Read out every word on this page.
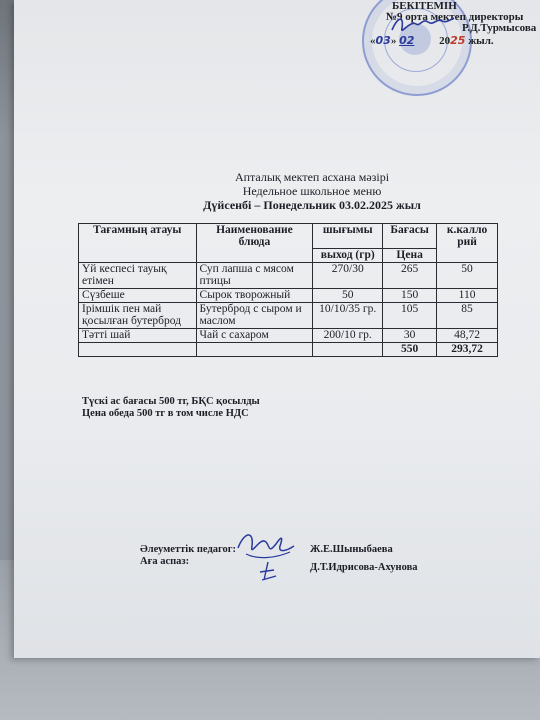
БЕКІТЕМІН
№9 орта мектеп директоры
Р.Д.Турмысова
«03» 02 2025 жыл.
Апталық мектеп асхана мәзірі
Недельное школьное меню
Дүйсенбі – Понедельник 03.02.2025 жыл
Тағамның атауы	Наименование блюда	шығымы	Бағасы	к.калло рий
		выход (гр)	Цена	
Үй кеспесі тауық етімен	Суп лапша с мясом птицы	270/30	265	50
Сүзбеше	Сырок творожный	50	150	110
Ірімшік пен май қосылған бутерброд	Бутерброд с сыром и маслом	10/10/35 гр.	105	85
Тәтті шай	Чай с сахаром	200/10 гр.	30	48,72
			550	293,72
Түскі ас бағасы 500 тг, БҚС қосылды
Цена обеда 500 тг в том числе НДС
Әлеуметтік педагог:
Аға аспаз:
Ж.Е.Шыныбаева
Д.Т.Идрисова-Ахунова
